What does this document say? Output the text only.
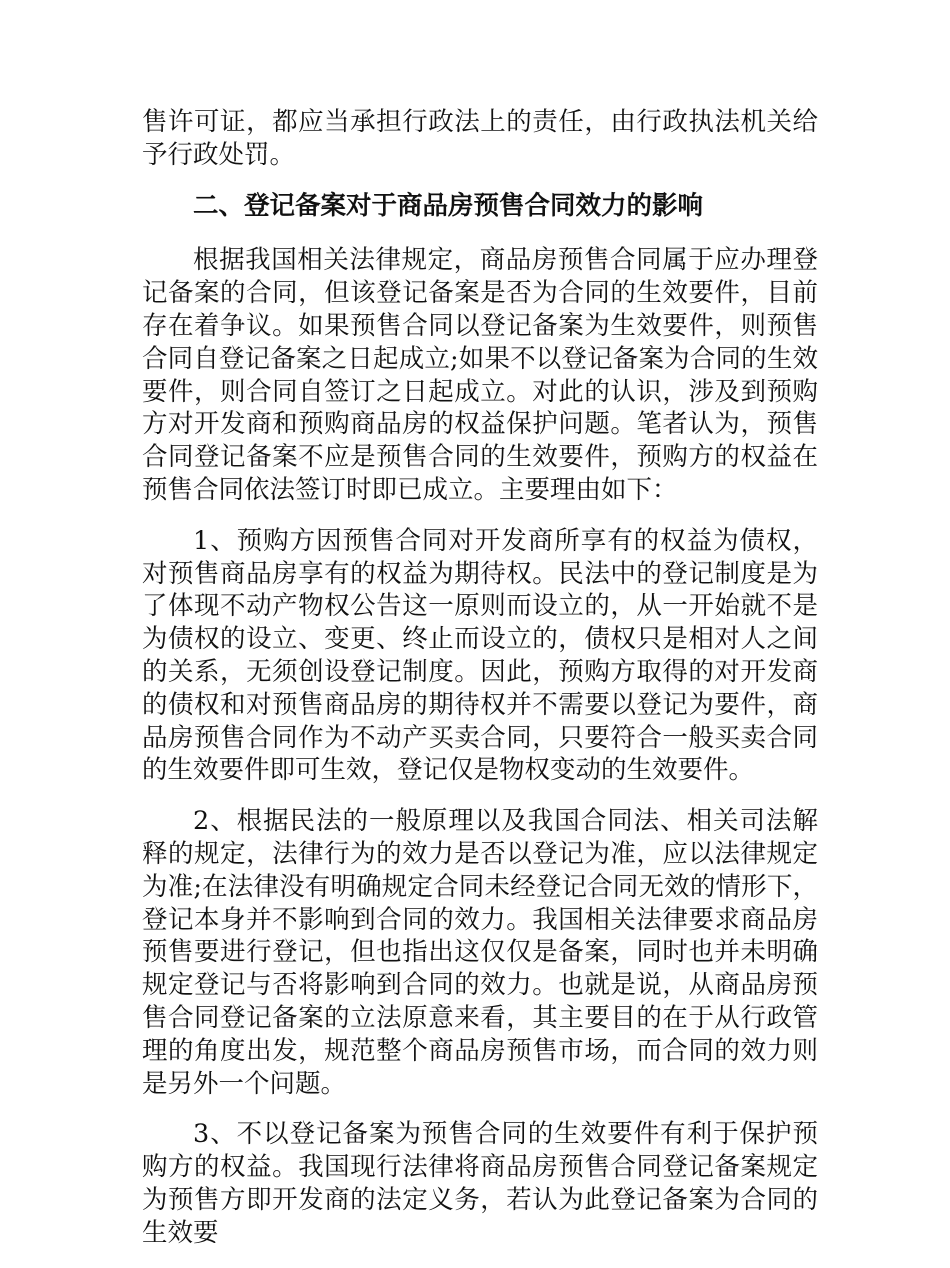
售许可证，都应当承担行政法上的责任，由行政执法机关给予行政处罚。

二、登记备案对于商品房预售合同效力的影响

根据我国相关法律规定，商品房预售合同属于应办理登记备案的合同，但该登记备案是否为合同的生效要件，目前存在着争议。如果预售合同以登记备案为生效要件，则预售合同自登记备案之日起成立;如果不以登记备案为合同的生效要件，则合同自签订之日起成立。对此的认识，涉及到预购方对开发商和预购商品房的权益保护问题。笔者认为，预售合同登记备案不应是预售合同的生效要件，预购方的权益在预售合同依法签订时即已成立。主要理由如下：

1、预购方因预售合同对开发商所享有的权益为债权，对预售商品房享有的权益为期待权。民法中的登记制度是为了体现不动产物权公告这一原则而设立的，从一开始就不是为债权的设立、变更、终止而设立的，债权只是相对人之间的关系，无须创设登记制度。因此，预购方取得的对开发商的债权和对预售商品房的期待权并不需要以登记为要件，商品房预售合同作为不动产买卖合同，只要符合一般买卖合同的生效要件即可生效，登记仅是物权变动的生效要件。

2、根据民法的一般原理以及我国合同法、相关司法解释的规定，法律行为的效力是否以登记为准，应以法律规定为准;在法律没有明确规定合同未经登记合同无效的情形下，登记本身并不影响到合同的效力。我国相关法律要求商品房预售要进行登记，但也指出这仅仅是备案，同时也并未明确规定登记与否将影响到合同的效力。也就是说，从商品房预售合同登记备案的立法原意来看，其主要目的在于从行政管理的角度出发，规范整个商品房预售市场，而合同的效力则是另外一个问题。

3、不以登记备案为预售合同的生效要件有利于保护预购方的权益。我国现行法律将商品房预售合同登记备案规定为预售方即开发商的法定义务，若认为此登记备案为合同的生效要
